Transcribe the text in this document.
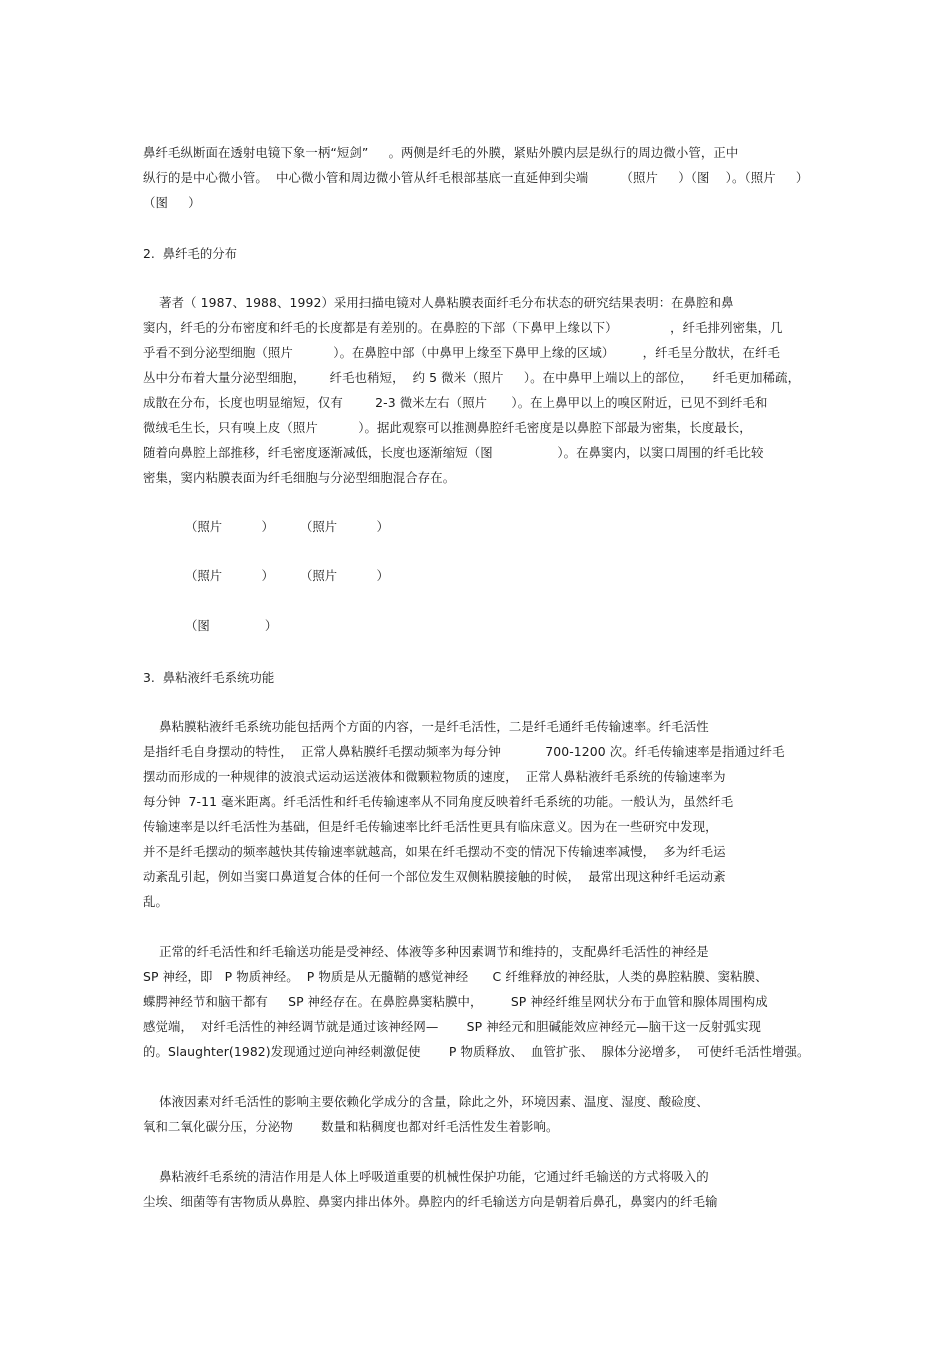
鼻纤毛纵断面在透射电镜下象一柄“短剑”     。两侧是纤毛的外膜，紧贴外膜内层是纵行的周边微小管，正中
纵行的是中心微小管。  中心微小管和周边微小管从纤毛根部基底一直延伸到尖端        （照片     ）（图    ）。（照片     ）
（图     ）
2.  鼻纤毛的分布
著者（ 1987、1988、1992）采用扫描电镜对人鼻粘膜表面纤毛分布状态的研究结果表明：在鼻腔和鼻
窦内，纤毛的分布密度和纤毛的长度都是有差别的。在鼻腔的下部（下鼻甲上缘以下）             ，纤毛排列密集，几
乎看不到分泌型细胞（照片          ）。在鼻腔中部（中鼻甲上缘至下鼻甲上缘的区域）       ，纤毛呈分散状，在纤毛
丛中分布着大量分泌型细胞，      纤毛也稍短，  约 5 微米（照片     ）。在中鼻甲上端以上的部位，     纤毛更加稀疏，
成散在分布，长度也明显缩短，仅有        2-3 微米左右（照片      ）。在上鼻甲以上的嗅区附近，已见不到纤毛和
微绒毛生长，只有嗅上皮（照片          ）。据此观察可以推测鼻腔纤毛密度是以鼻腔下部最为密集，长度最长，
随着向鼻腔上部推移，纤毛密度逐渐减低，长度也逐渐缩短（图                ）。在鼻窦内，以窦口周围的纤毛比较
密集，窦内粘膜表面为纤毛细胞与分泌型细胞混合存在。
（照片          ） （照片          ）
（照片          ） （照片          ）
（图              ）
3.  鼻粘液纤毛系统功能
鼻粘膜粘液纤毛系统功能包括两个方面的内容，一是纤毛活性，二是纤毛通纤毛传输速率。纤毛活性
是指纤毛自身摆动的特性，  正常人鼻粘膜纤毛摆动频率为每分钟           700-1200 次。纤毛传输速率是指通过纤毛
摆动而形成的一种规律的波浪式运动运送液体和微颗粒物质的速度，  正常人鼻粘液纤毛系统的传输速率为
每分钟  7-11 毫米距离。纤毛活性和纤毛传输速率从不同角度反映着纤毛系统的功能。一般认为，虽然纤毛
传输速率是以纤毛活性为基础，但是纤毛传输速率比纤毛活性更具有临床意义。因为在一些研究中发现，
并不是纤毛摆动的频率越快其传输速率就越高，如果在纤毛摆动不变的情况下传输速率减慢，  多为纤毛运
动紊乱引起，例如当窦口鼻道复合体的任何一个部位发生双侧粘膜接触的时候，  最常出现这种纤毛运动紊
乱。
正常的纤毛活性和纤毛输送功能是受神经、体液等多种因素调节和维持的，支配鼻纤毛活性的神经是
SP 神经，即   P 物质神经。  P 物质是从无髓鞘的感觉神经      C 纤维释放的神经肽，人类的鼻腔粘膜、窦粘膜、
蝶腭神经节和脑干都有     SP 神经存在。在鼻腔鼻窦粘膜中，       SP 神经纤维呈网状分布于血管和腺体周围构成
感觉端，  对纤毛活性的神经调节就是通过该神经网—       SP 神经元和胆碱能效应神经元—脑干这一反射弧实现
的。Slaughter(1982)发现通过逆向神经刺激促使       P 物质释放、  血管扩张、  腺体分泌增多，  可使纤毛活性增强。
体液因素对纤毛活性的影响主要依赖化学成分的含量，除此之外，环境因素、温度、湿度、酸硷度、
氧和二氧化碳分压，分泌物       数量和粘稠度也都对纤毛活性发生着影响。
鼻粘液纤毛系统的清洁作用是人体上呼吸道重要的机械性保护功能，它通过纤毛输送的方式将吸入的
尘埃、细菌等有害物质从鼻腔、鼻窦内排出体外。鼻腔内的纤毛输送方向是朝着后鼻孔，鼻窦内的纤毛输
